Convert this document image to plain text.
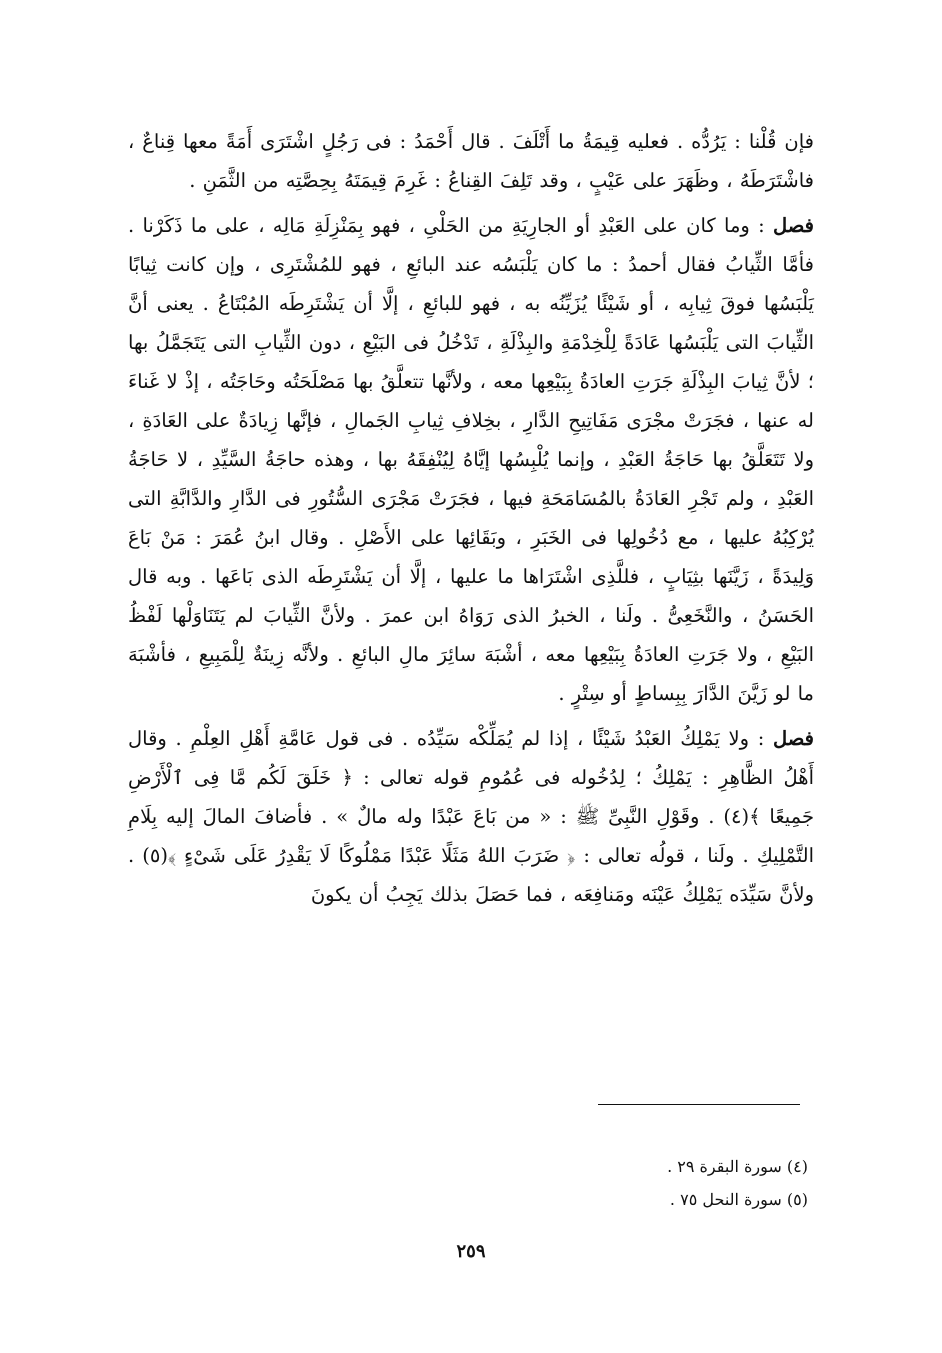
فإن قُلْنا : يَرُدُّه . فعليه قِيمَةُ ما أَتْلَفَ . قال أَحْمَدُ : فى رَجُلٍ اشْتَرَى أَمَةً معها قِناعٌ ، فاشْتَرَطَهُ ، وظَهَرَ على عَيْبٍ ، وقد تَلِفَ القِناعُ : غَرِمَ قِيمَتَهُ بِحِصَّتِه من الثَّمَنِ .

فصل : وما كان على العَبْدِ أو الجارِيَةِ من الحَلْىِ ، فهو بِمَنْزِلَةِ مَالِه ، على ما ذَكَرْنا . فأمَّا الثِّيابُ فقال أحمدُ : ما كان يَلْبَسُه عند البائعِ ، فهو للمُشْتَرِى ، وإن كانت ثِيابًا يَلْبَسُها فوقَ ثِيابِه ، أو شَيْئًا يُزَيِّنُه به ، فهو للبائعِ ، إلَّا أن يَشْتَرِطَه المُبْتَاعُ . يعنى أنَّ الثِّيابَ التى يَلْبَسُها عَادَةً لِلْخِدْمَةِ والبِذْلَةِ ، تَدْخُلُ فى البَيْعِ ، دون الثِّيابِ التى يَتَجَمَّلُ بها ؛ لأنَّ ثِيابَ البِذْلَةِ جَرَتِ العادَةُ بِبَيْعِها معه ، ولأنَّها تتعلَّقُ بها مَصْلَحَتُه وحَاجَتُه ، إذْ لا غَناءَ له عنها ، فجَرَتْ مجْرَى مَفَاتِيحِ الدَّارِ ، بخِلافِ ثِيابِ الجَمالِ ، فإنَّها زِيادَةٌ على العَادَةِ ، ولا تَتَعَلَّقُ بها حَاجَةُ العَبْدِ ، وإنما يُلْبِسُها إيَّاهُ لِيُنْفِقَهُ بها ، وهذه حاجَةُ السَّيِّدِ ، لا حَاجَةُ العَبْدِ ، ولم تَجْرِ العَادَةُ بالمُسَامَحَةِ فيها ، فجَرَتْ مَجْرَى السُّتُورِ فى الدَّارِ والدَّابَّةِ التى يُرْكِبُهُ عليها ، مع دُخُولِها فى الخَبَرِ ، وبَقَائِها على الأَصْلِ . وقال ابنُ عُمَرَ : مَنْ بَاعَ وَلِيدَةً ، زَيَّنَها بثِيَابٍ ، فللَّذِى اشْتَرَاها ما عليها ، إلَّا أن يَشْتَرِطَه الذى بَاعَها . وبه قال الحَسَنُ ، والنَّخَعِىُّ . ولَنا ، الخبرُ الذى رَوَاهُ ابن عمرَ . ولأنَّ الثِّيابَ لم يَتَنَاوَلْها لَفْظُ البَيْعِ ، ولا جَرَتِ العادَةُ بِبَيْعِها معه ، أشْبَهَ سائِرَ مالِ البائعِ . ولأنَّه زِينَةٌ لِلْمَبِيعِ ، فأشْبَهَ ما لو زَيَّنَ الدَّارَ بِبِساطٍ أو سِتْرٍ .

فصل : ولا يَمْلِكُ العَبْدُ شَيْئًا ، إذا لم يُمَلِّكْه سَيِّدُه . فى قول عَامَّةِ أَهْلِ العِلْمِ . وقال أَهْلُ الظَّاهِرِ : يَمْلِكُ ؛ لِدُخُوله فى عُمُومِ قوله تعالى : ﴿ خَلَقَ لَكُم مَّا فِى ٱلْأَرْضِ جَمِيعًا ﴾(٤) . وقَوْلِ النَّبِىِّ ﷺ : « من بَاعَ عَبْدًا وله مالٌ » . فأضافَ المالَ إليه بِلَامِ التَّمْلِيكِ . ولَنا ، قولُه تعالى : ﴿ ضَرَبَ اللهُ مَثَلًا عَبْدًا مَمْلُوكًا لَا يَقْدِرُ عَلَى شَىْءٍ ﴾(٥) . ولأنَّ سَيِّدَه يَمْلِكُ عَيْنَه ومَنافِعَه ، فما حَصَلَ بذلك يَجِبُ أن يكونَ

(٤) سورة البقرة ٢٩ .
(٥) سورة النحل ٧٥ .
٢٥٩
